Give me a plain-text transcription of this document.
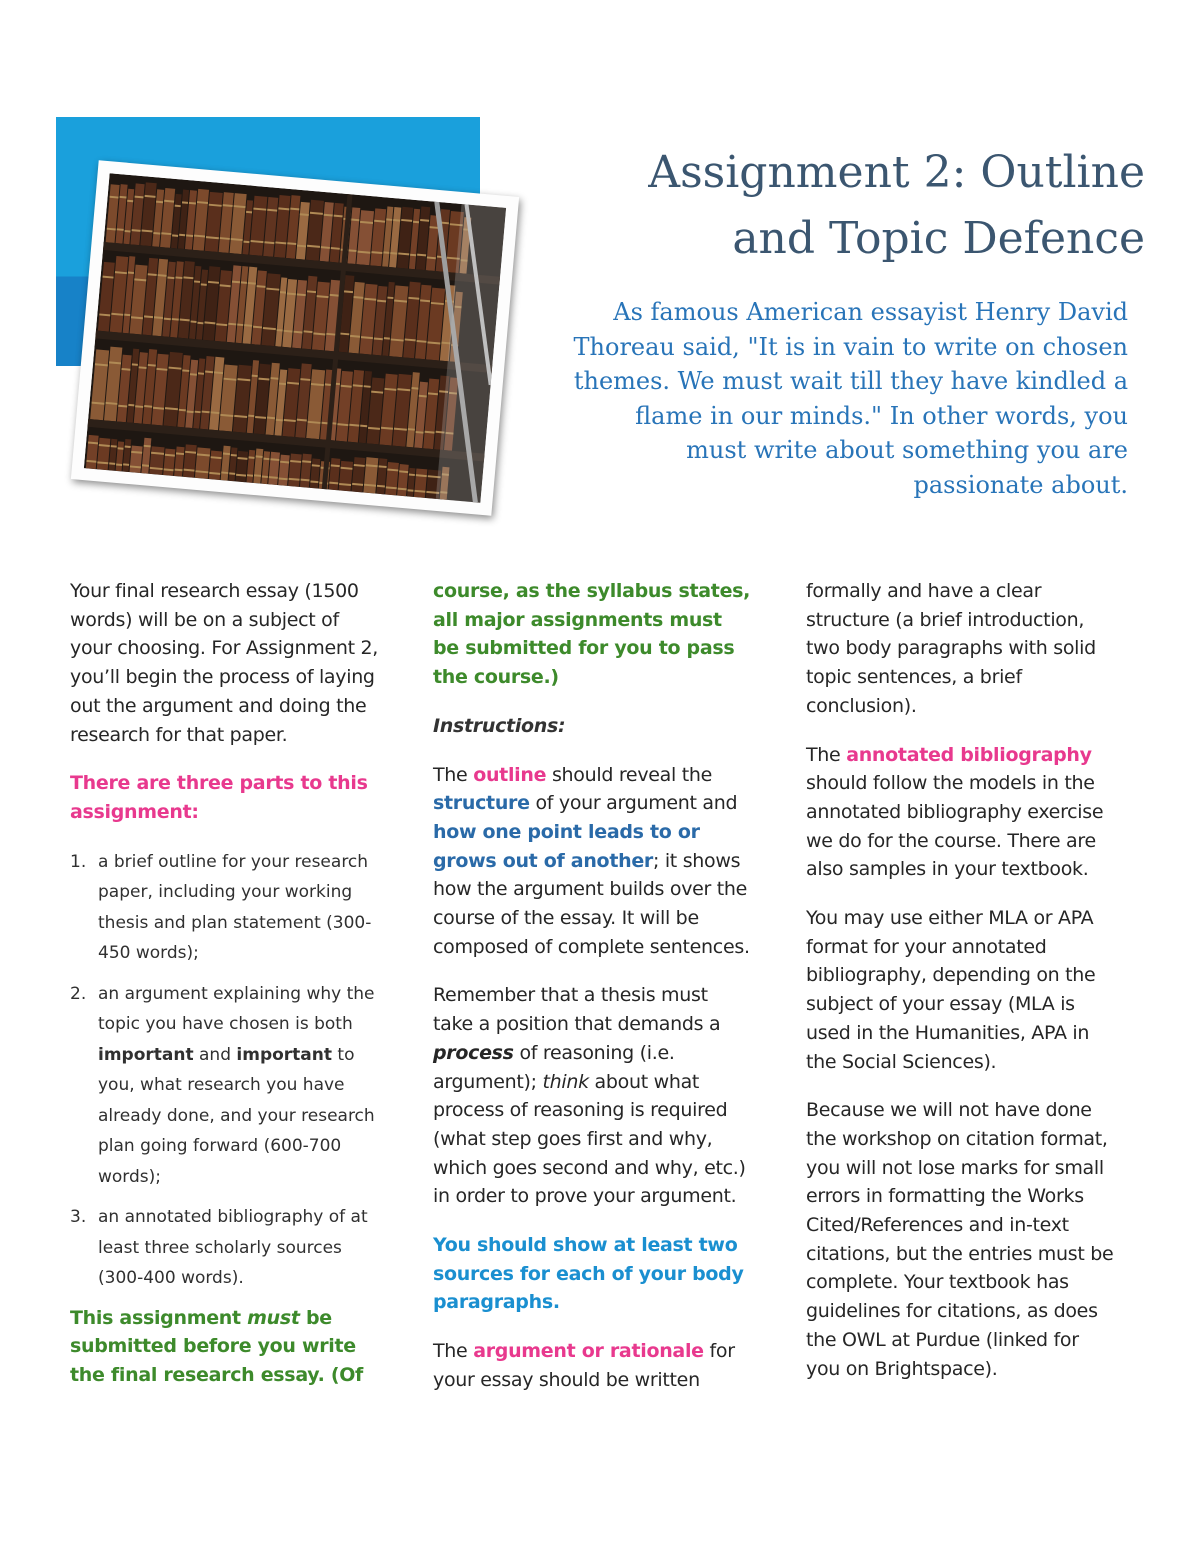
Assignment 2: Outline
and Topic Defence

As famous American essayist Henry David Thoreau said, "It is in vain to write on chosen themes. We must wait till they have kindled a flame in our minds." In other words, you must write about something you are passionate about.

Your final research essay (1500 words) will be on a subject of your choosing. For Assignment 2, you’ll begin the process of laying out the argument and doing the research for that paper.

There are three parts to this assignment:

1. a brief outline for your research paper, including your working thesis and plan statement (300-450 words);
2. an argument explaining why the topic you have chosen is both important and important to you, what research you have already done, and your research plan going forward (600-700 words);
3. an annotated bibliography of at least three scholarly sources (300-400 words).

This assignment must be submitted before you write the final research essay. (Of

course, as the syllabus states, all major assignments must be submitted for you to pass the course.)

Instructions:

The outline should reveal the structure of your argument and how one point leads to or grows out of another; it shows how the argument builds over the course of the essay. It will be composed of complete sentences.

Remember that a thesis must take a position that demands a process of reasoning (i.e. argument); think about what process of reasoning is required (what step goes first and why, which goes second and why, etc.) in order to prove your argument.

You should show at least two sources for each of your body paragraphs.

The argument or rationale for your essay should be written

formally and have a clear structure (a brief introduction, two body paragraphs with solid topic sentences, a brief conclusion).

The annotated bibliography should follow the models in the annotated bibliography exercise we do for the course. There are also samples in your textbook.

You may use either MLA or APA format for your annotated bibliography, depending on the subject of your essay (MLA is used in the Humanities, APA in the Social Sciences).

Because we will not have done the workshop on citation format, you will not lose marks for small errors in formatting the Works Cited/References and in-text citations, but the entries must be complete. Your textbook has guidelines for citations, as does the OWL at Purdue (linked for you on Brightspace).
